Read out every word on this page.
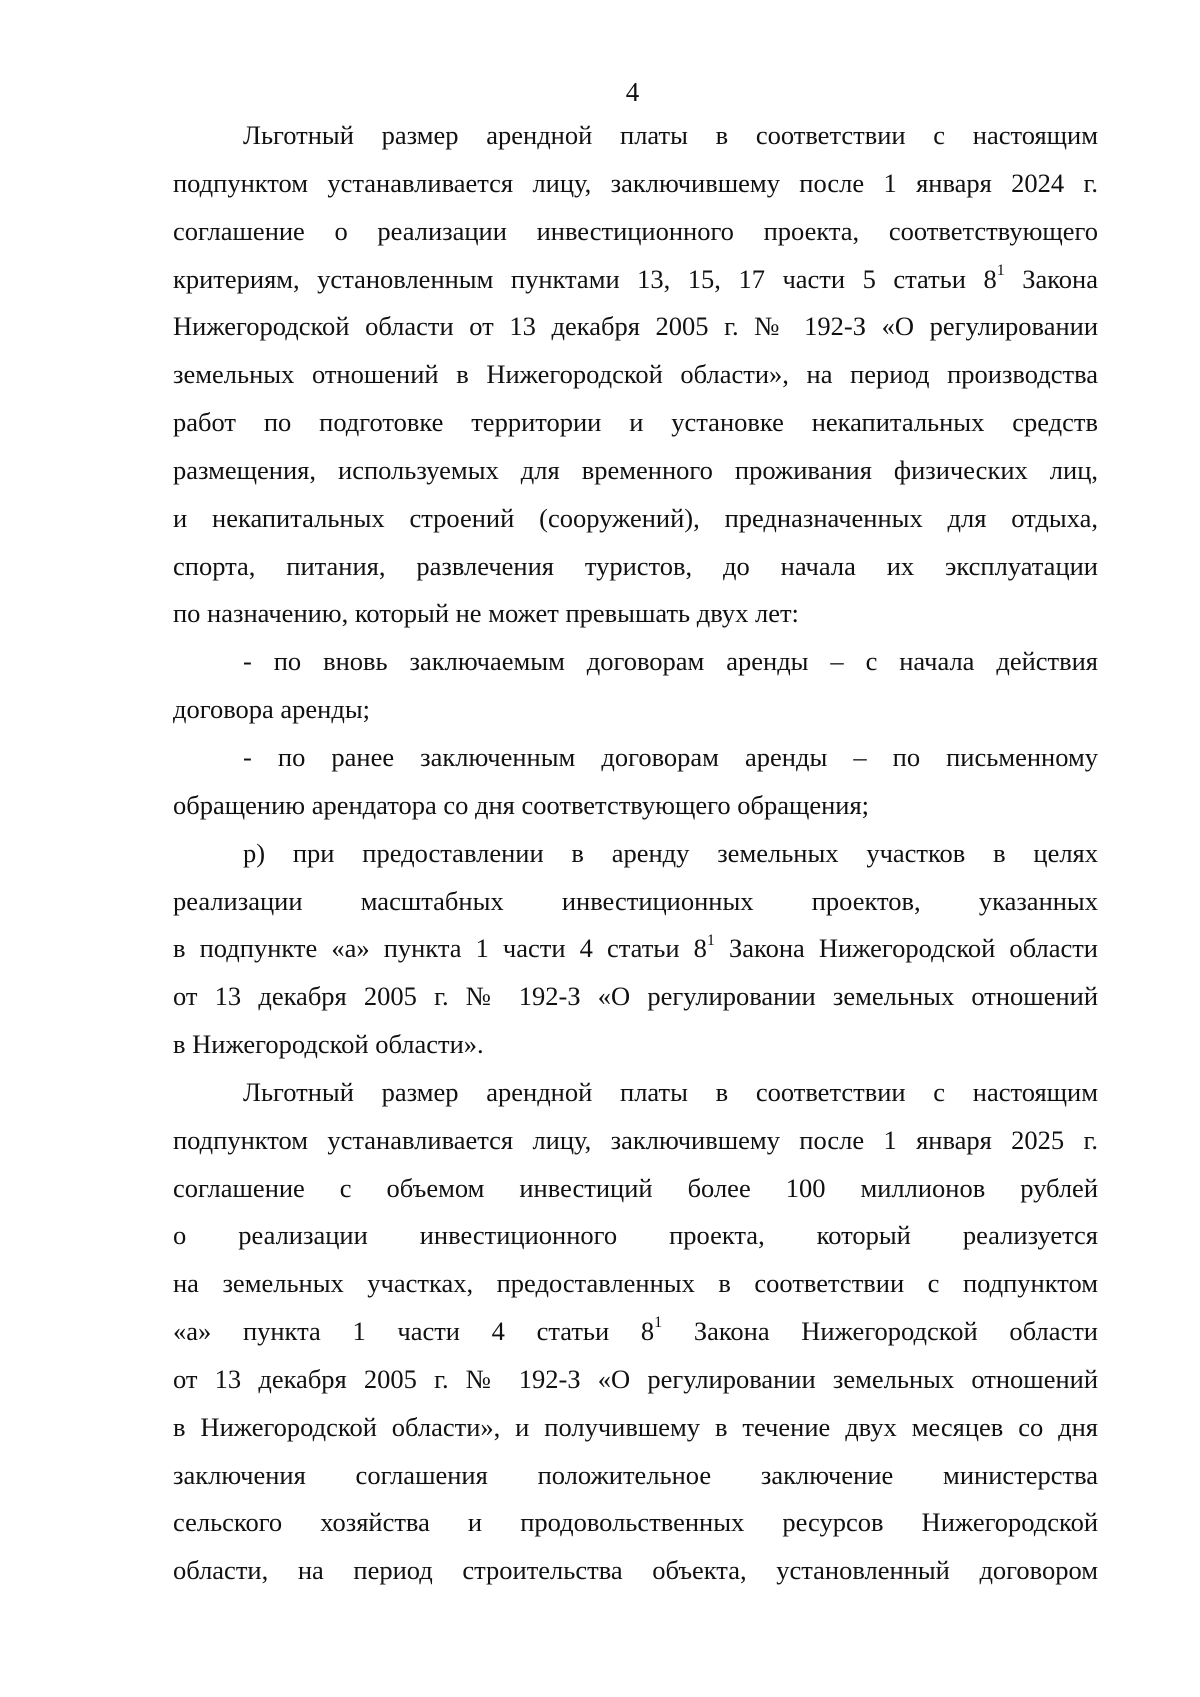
4
Льготный размер арендной платы в соответствии с настоящим
подпунктом устанавливается лицу, заключившему после 1 января 2024 г.
соглашение о реализации инвестиционного проекта, соответствующего
критериям, установленным пунктами 13, 15, 17 части 5 статьи $8^1$ Закона
Нижегородской области от 13 декабря 2005 г. № 192-З «О регулировании
земельных отношений в Нижегородской области», на период производства
работ по подготовке территории и установке некапитальных средств
размещения, используемых для временного проживания физических лиц,
и некапитальных строений (сооружений), предназначенных для отдыха,
спорта, питания, развлечения туристов, до начала их эксплуатации
по назначению, который не может превышать двух лет:
- по вновь заключаемым договорам аренды – с начала действия
договора аренды;
- по ранее заключенным договорам аренды – по письменному
обращению арендатора со дня соответствующего обращения;
р) при предоставлении в аренду земельных участков в целях
реализации масштабных инвестиционных проектов, указанных
в подпункте «а» пункта 1 части 4 статьи $8^1$ Закона Нижегородской области
от 13 декабря 2005 г. № 192-З «О регулировании земельных отношений
в Нижегородской области».
Льготный размер арендной платы в соответствии с настоящим
подпунктом устанавливается лицу, заключившему после 1 января 2025 г.
соглашение с объемом инвестиций более 100 миллионов рублей
о реализации инвестиционного проекта, который реализуется
на земельных участках, предоставленных в соответствии с подпунктом
«а» пункта 1 части 4 статьи $8^1$ Закона Нижегородской области
от 13 декабря 2005 г. № 192-З «О регулировании земельных отношений
в Нижегородской области», и получившему в течение двух месяцев со дня
заключения соглашения положительное заключение министерства
сельского хозяйства и продовольственных ресурсов Нижегородской
области, на период строительства объекта, установленный договором
